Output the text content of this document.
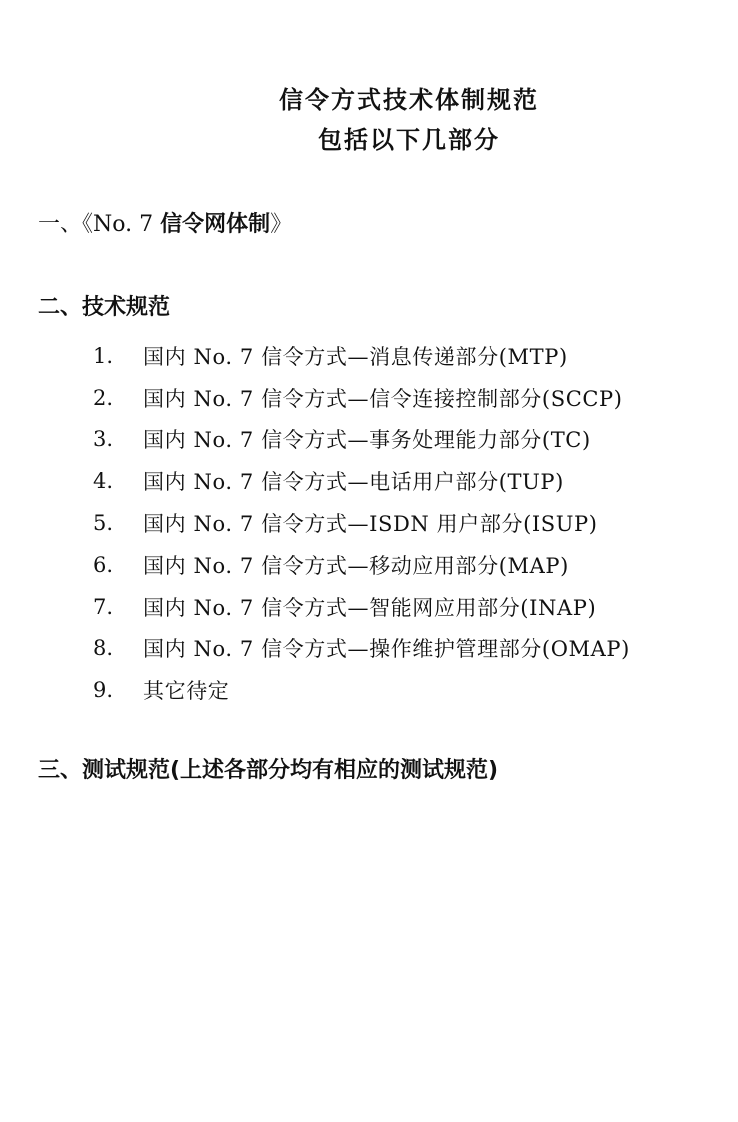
信令方式技术体制规范
包括以下几部分
一、《No. 7 信令网体制》
二、技术规范
1.	国内 No. 7 信令方式—消息传递部分(MTP)
2.	国内 No. 7 信令方式—信令连接控制部分(SCCP)
3.	国内 No. 7 信令方式—事务处理能力部分(TC)
4.	国内 No. 7 信令方式—电话用户部分(TUP)
5.	国内 No. 7 信令方式—ISDN 用户部分(ISUP)
6.	国内 No. 7 信令方式—移动应用部分(MAP)
7.	国内 No. 7 信令方式—智能网应用部分(INAP)
8.	国内 No. 7 信令方式—操作维护管理部分(OMAP)
9.	其它待定
三、测试规范(上述各部分均有相应的测试规范)
